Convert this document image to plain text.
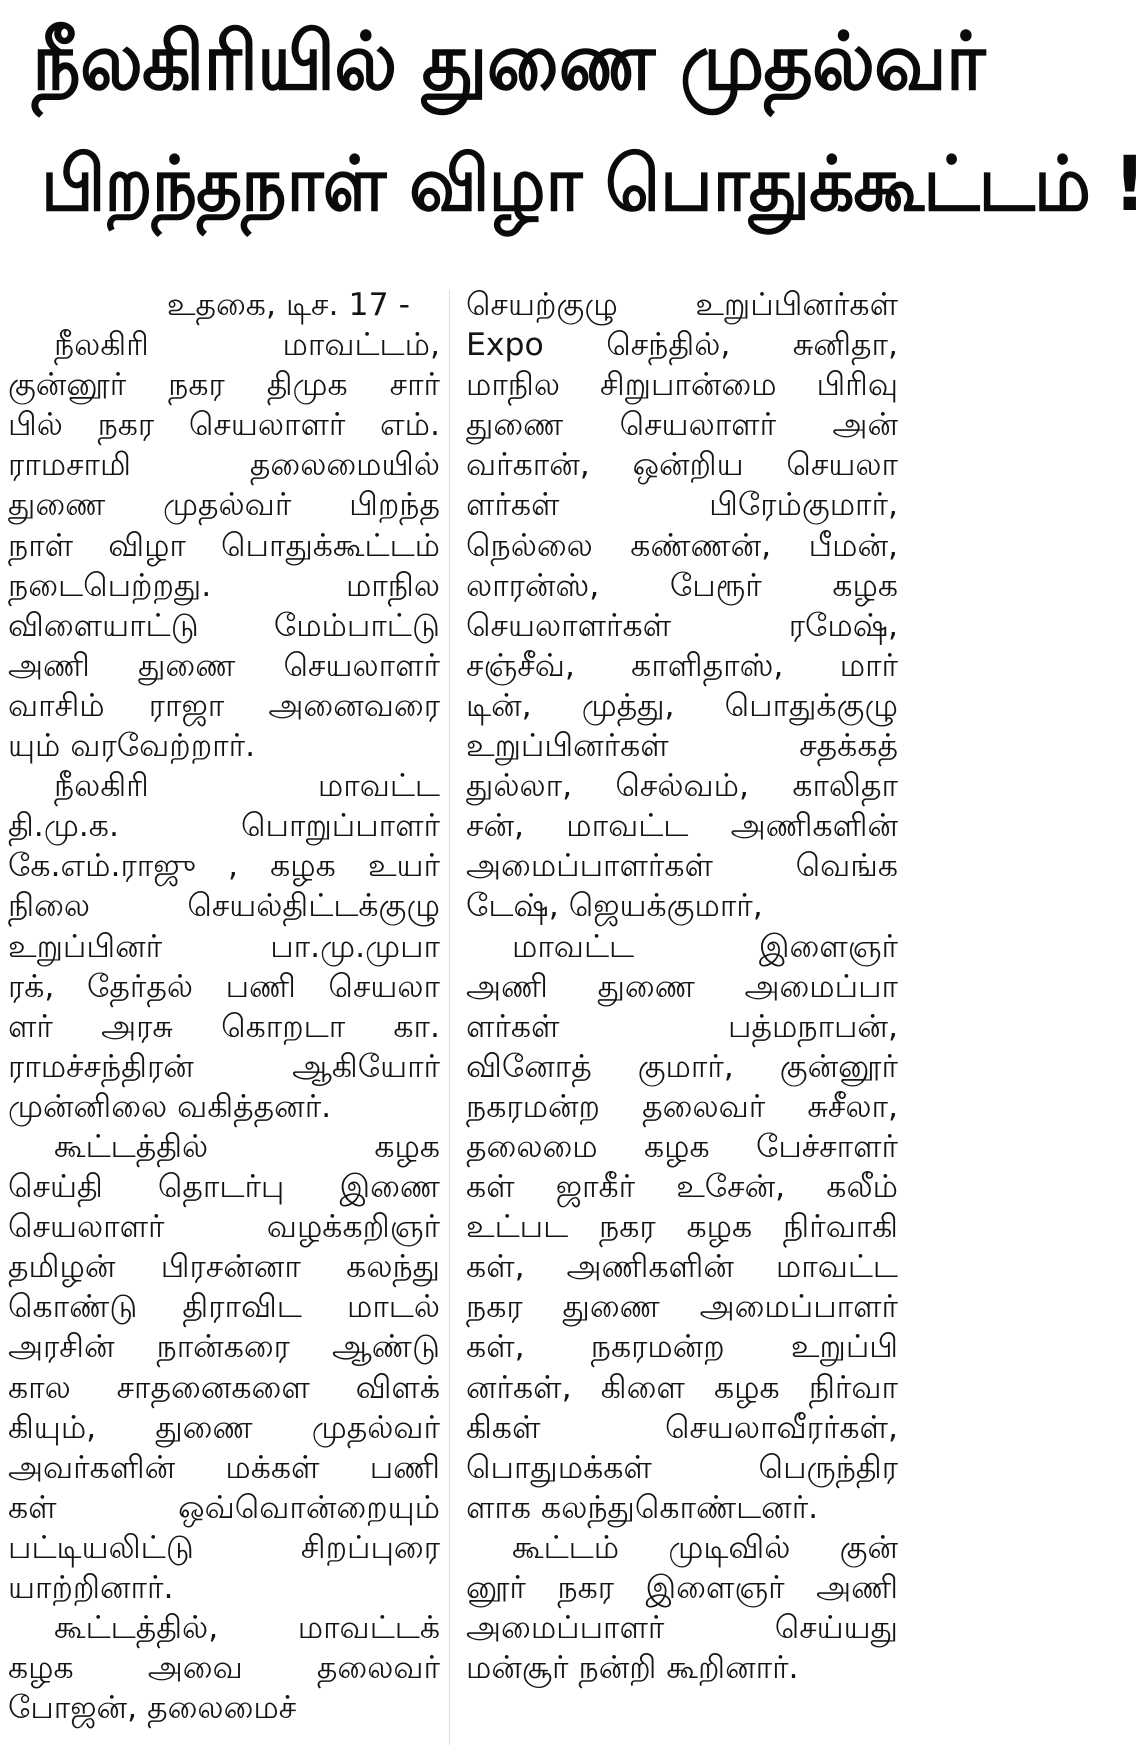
நீலகிரியில் துணை முதல்வர்
பிறந்தநாள் விழா பொதுக்கூட்டம் !
உதகை, டிச. 17 -
நீலகிரி மாவட்டம்,
குன்னூர் நகர திமுக சார்
பில் நகர செயலாளர் எம்.
ராமசாமி தலைமையில்
துணை முதல்வர் பிறந்த
நாள் விழா பொதுக்கூட்டம்
நடைபெற்றது. மாநில
விளையாட்டு மேம்பாட்டு
அணி துணை செயலாளர்
வாசிம் ராஜா அனைவரை
யும் வரவேற்றார்.
நீலகிரி மாவட்ட
தி.மு.க. பொறுப்பாளர்
கே.எம்.ராஜு , கழக உயர்
நிலை செயல்திட்டக்குழு
உறுப்பினர் பா.மு.முபா
ரக், தேர்தல் பணி செயலா
ளர் அரசு கொறடா கா.
ராமச்சந்திரன் ஆகியோர்
முன்னிலை வகித்தனர்.
கூட்டத்தில் கழக
செய்தி தொடர்பு இணை
செயலாளர் வழக்கறிஞர்
தமிழன் பிரசன்னா கலந்து
கொண்டு திராவிட மாடல்
அரசின் நான்கரை ஆண்டு
கால சாதனைகளை விளக்
கியும், துணை முதல்வர்
அவர்களின் மக்கள் பணி
கள் ஒவ்வொன்றையும்
பட்டியலிட்டு சிறப்புரை
யாற்றினார்.
கூட்டத்தில், மாவட்டக்
கழக அவை தலைவர்
போஜன், தலைமைச்
செயற்குழு உறுப்பினர்கள்
Expo செந்தில், சுனிதா,
மாநில சிறுபான்மை பிரிவு
துணை செயலாளர் அன்
வர்கான், ஒன்றிய செயலா
ளர்கள் பிரேம்குமார்,
நெல்லை கண்ணன், பீமன்,
லாரன்ஸ், பேரூர் கழக
செயலாளர்கள் ரமேஷ்,
சஞ்சீவ், காளிதாஸ், மார்
டின், முத்து, பொதுக்குழு
உறுப்பினர்கள் சதக்கத்
துல்லா, செல்வம், காலிதா
சன், மாவட்ட அணிகளின்
அமைப்பாளர்கள் வெங்க
டேஷ், ஜெயக்குமார்,
மாவட்ட இளைஞர்
அணி துணை அமைப்பா
ளர்கள் பத்மநாபன்,
வினோத் குமார், குன்னூர்
நகரமன்ற தலைவர் சுசீலா,
தலைமை கழக பேச்சாளர்
கள் ஜாகீர் உசேன், கலீம்
உட்பட நகர கழக நிர்வாகி
கள், அணிகளின் மாவட்ட
நகர துணை அமைப்பாளர்
கள், நகரமன்ற உறுப்பி
னர்கள், கிளை கழக நிர்வா
கிகள் செயலாவீரர்கள்,
பொதுமக்கள் பெருந்திர
ளாக கலந்துகொண்டனர்.
கூட்டம் முடிவில் குன்
னூர் நகர இளைஞர் அணி
அமைப்பாளர் செய்யது
மன்சூர் நன்றி கூறினார்.
